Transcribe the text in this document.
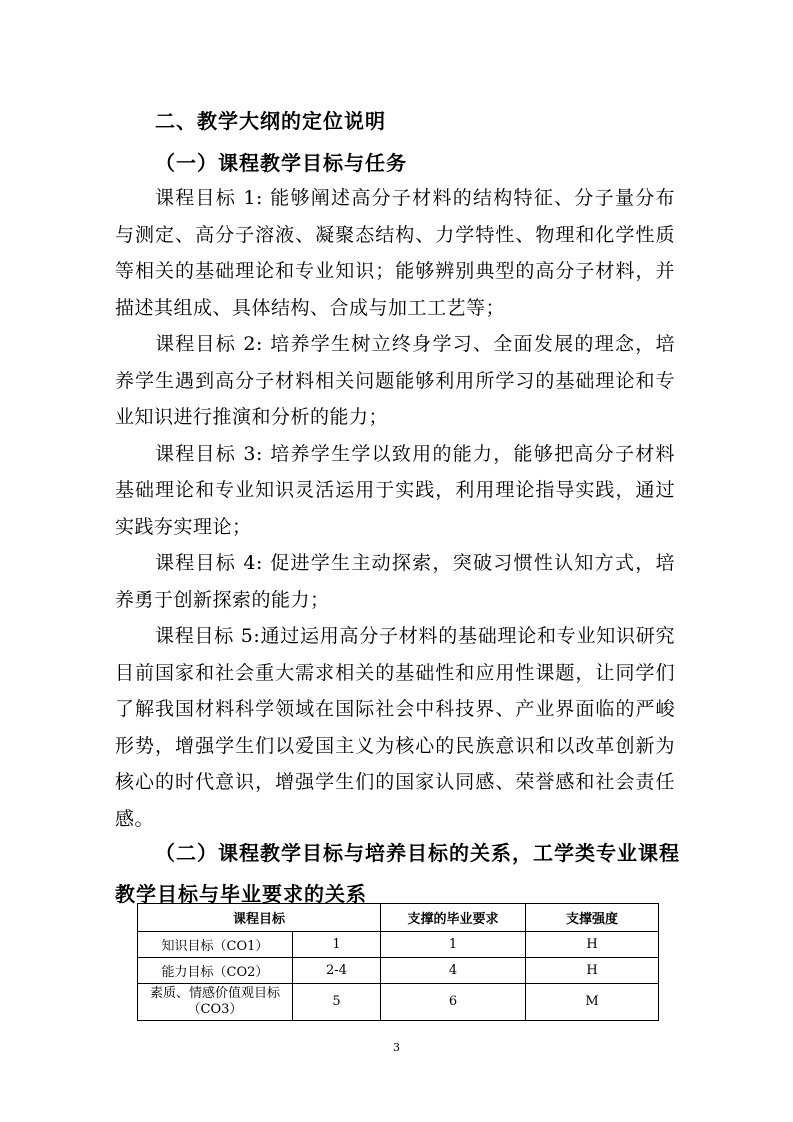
二、教学大纲的定位说明
（一）课程教学目标与任务

课程目标 1: 能够阐述高分子材料的结构特征、分子量分布与测定、高分子溶液、凝聚态结构、力学特性、物理和化学性质等相关的基础理论和专业知识；能够辨别典型的高分子材料，并描述其组成、具体结构、合成与加工工艺等；

课程目标 2: 培养学生树立终身学习、全面发展的理念，培养学生遇到高分子材料相关问题能够利用所学习的基础理论和专业知识进行推演和分析的能力；

课程目标 3: 培养学生学以致用的能力，能够把高分子材料基础理论和专业知识灵活运用于实践，利用理论指导实践，通过实践夯实理论；

课程目标 4: 促进学生主动探索，突破习惯性认知方式，培养勇于创新探索的能力；

课程目标 5:通过运用高分子材料的基础理论和专业知识研究目前国家和社会重大需求相关的基础性和应用性课题，让同学们了解我国材料科学领域在国际社会中科技界、产业界面临的严峻形势，增强学生们以爱国主义为核心的民族意识和以改革创新为核心的时代意识，增强学生们的国家认同感、荣誉感和社会责任感。

（二）课程教学目标与培养目标的关系，工学类专业课程教学目标与毕业要求的关系
课程目标		支撑的毕业要求	支撑强度
知识目标（CO1）	1	1	H
能力目标（CO2）	2-4	4	H
素质、情感价值观目标（CO3）	5	6	M
3
